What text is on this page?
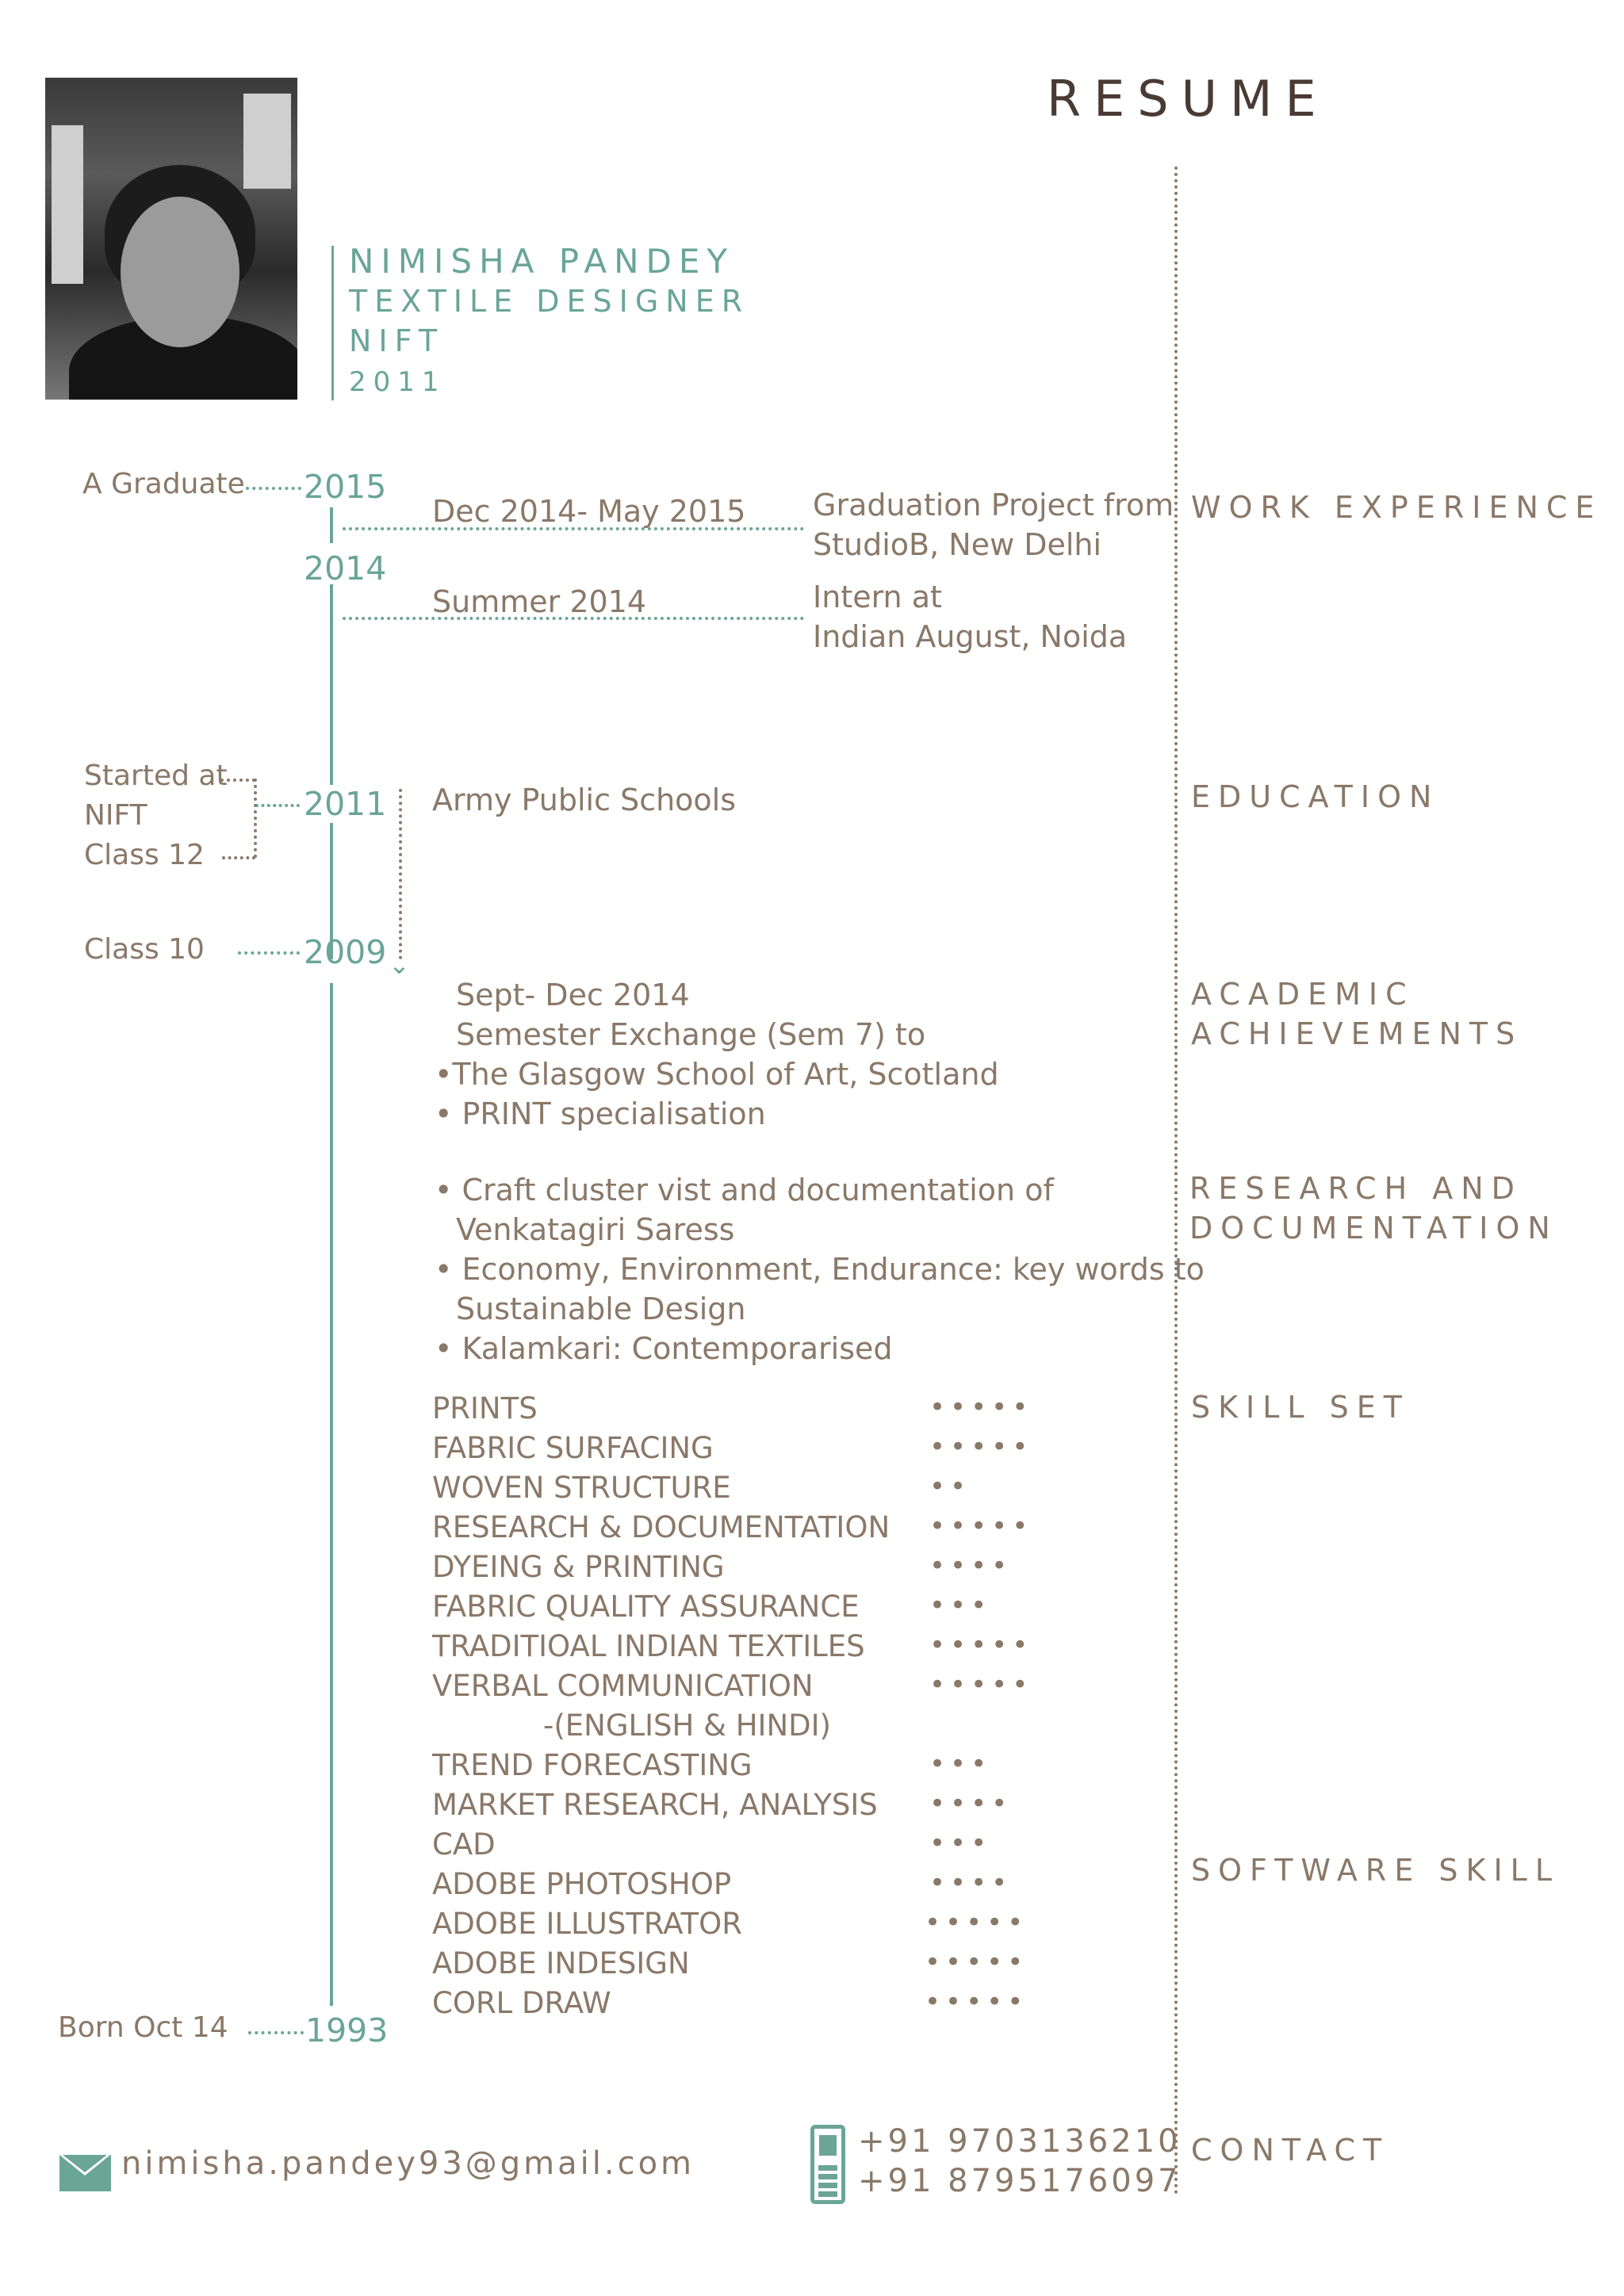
RESUME
NIMISHA PANDEY
TEXTILE DESIGNER
NIFT
2011
WORK EXPERIENCE
EDUCATION
ACADEMIC
ACHIEVEMENTS
RESEARCH AND
DOCUMENTATION
SKILL SET
SOFTWARE SKILL
CONTACT
A Graduate 2015
2014
Started at
NIFT
Class 12
2011
⌄
Class 10	2009
Born Oct 14 1993
Dec 2014- May 2015 Graduation Project from
StudioB, New Delhi
Summer 2014	Intern at
Indian August, Noida
Army Public Schools
Sept- Dec 2014
Semester Exchange (Sem 7) to
•The Glasgow School of Art, Scotland
• PRINT specialisation
• Craft cluster vist and documentation of
Venkatagiri Saress
• Economy, Environment, Endurance: key words to
Sustainable Design
• Kalamkari: Contemporarised
PRINTS	•••••
FABRIC SURFACING	•••••
WOVEN STRUCTURE	••
RESEARCH & DOCUMENTATION •••••
DYEING & PRINTING	••••
FABRIC QUALITY ASSURANCE	•••
TRADITIOAL INDIAN TEXTILES •••••
VERBAL COMMUNICATION	•••••
-(ENGLISH & HINDI)
TREND FORECASTING	•••
MARKET RESEARCH, ANALYSIS ••••
CAD	•••
ADOBE PHOTOSHOP	••••
ADOBE ILLUSTRATOR	•••••
ADOBE INDESIGN	•••••
CORL DRAW	•••••
nimisha.pandey93@gmail.com
+91 9703136210
+91 8795176097
